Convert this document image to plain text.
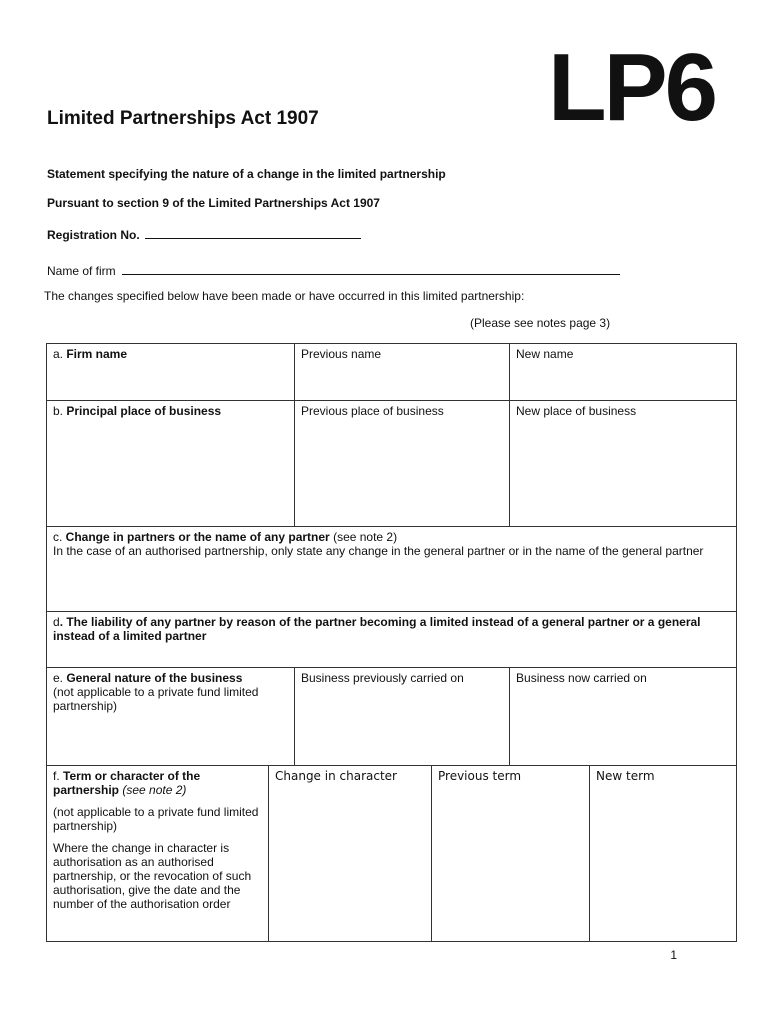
LP6
Limited Partnerships Act 1907
Statement specifying the nature of a change in the limited partnership
Pursuant to section 9 of the Limited Partnerships Act 1907
Registration No.
Name of firm
The changes specified below have been made or have occurred in this limited partnership:
(Please see notes page 3)
a. Firm name		Previous name		New name	
b. Principal place of business		Previous place of business		New place of business	
c. Change in partners or the name of any partner (see note 2)
In the case of an authorised partnership, only state any change in the general partner or in the name of the general partner					
d. The liability of any partner by reason of the partner becoming a limited instead of a general partner or a general instead of a limited partner					
e. General nature of the business
(not applicable to a private fund limited partnership)		Business previously carried on		Business now carried on	
f. Term or character of the partnership (see note 2)
(not applicable to a private fund limited partnership)
Where the change in character is authorisation as an authorised partnership, or the revocation of such authorisation, give the date and the number of the authorisation order	Change in character		Previous term		New term
1
